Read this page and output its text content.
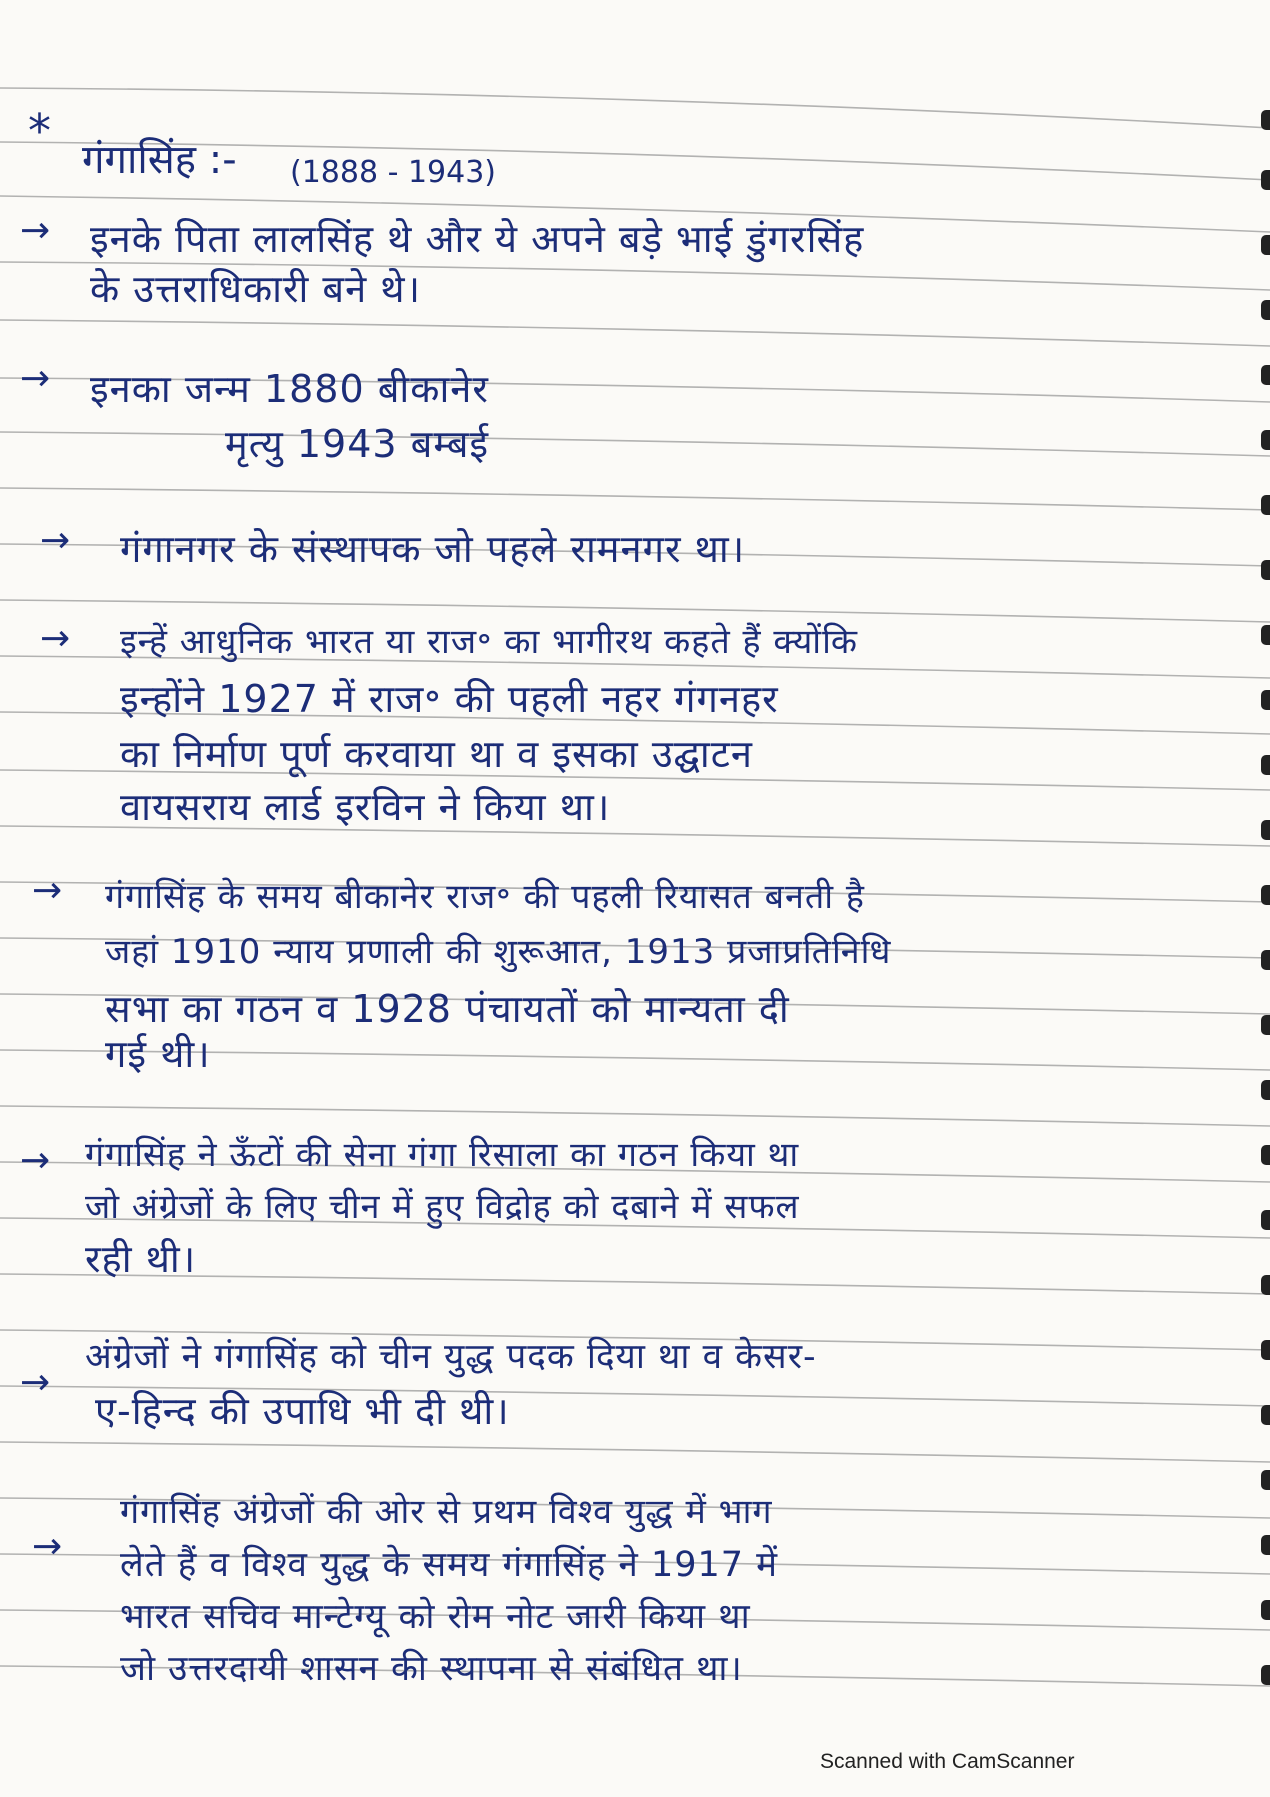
*
गंगासिंह :- (1888 - 1943)
→ इनके पिता लालसिंह थे और ये अपने बड़े भाई डुंगरसिंह
के उत्तराधिकारी बने थे।
→ इनका जन्म 1880 बीकानेर
मृत्यु 1943 बम्बई
→ गंगानगर के संस्थापक जो पहले रामनगर था।
→ इन्हें आधुनिक भारत या राज॰ का भागीरथ कहते हैं क्योंकि
इन्होंने 1927 में राज॰ की पहली नहर गंगनहर
का निर्माण पूर्ण करवाया था व इसका उद्घाटन
वायसराय लार्ड इरविन ने किया था।
→ गंगासिंह के समय बीकानेर राज॰ की पहली रियासत बनती है
जहां 1910 न्याय प्रणाली की शुरूआत, 1913 प्रजाप्रतिनिधि
सभा का गठन व 1928 पंचायतों को मान्यता दी
गई थी।
→ गंगासिंह ने ऊँटों की सेना गंगा रिसाला का गठन किया था
जो अंग्रेजों के लिए चीन में हुए विद्रोह को दबाने में सफल
रही थी।
→
अंग्रेजों ने गंगासिंह को चीन युद्ध पदक दिया था व केसर-
ए-हिन्द की उपाधि भी दी थी।
→
गंगासिंह अंग्रेजों की ओर से प्रथम विश्व युद्ध में भाग
लेते हैं व विश्व युद्ध के समय गंगासिंह ने 1917 में
भारत सचिव मान्टेग्यू को रोम नोट जारी किया था
जो उत्तरदायी शासन की स्थापना से संबंधित था।
Scanned with CamScanner
